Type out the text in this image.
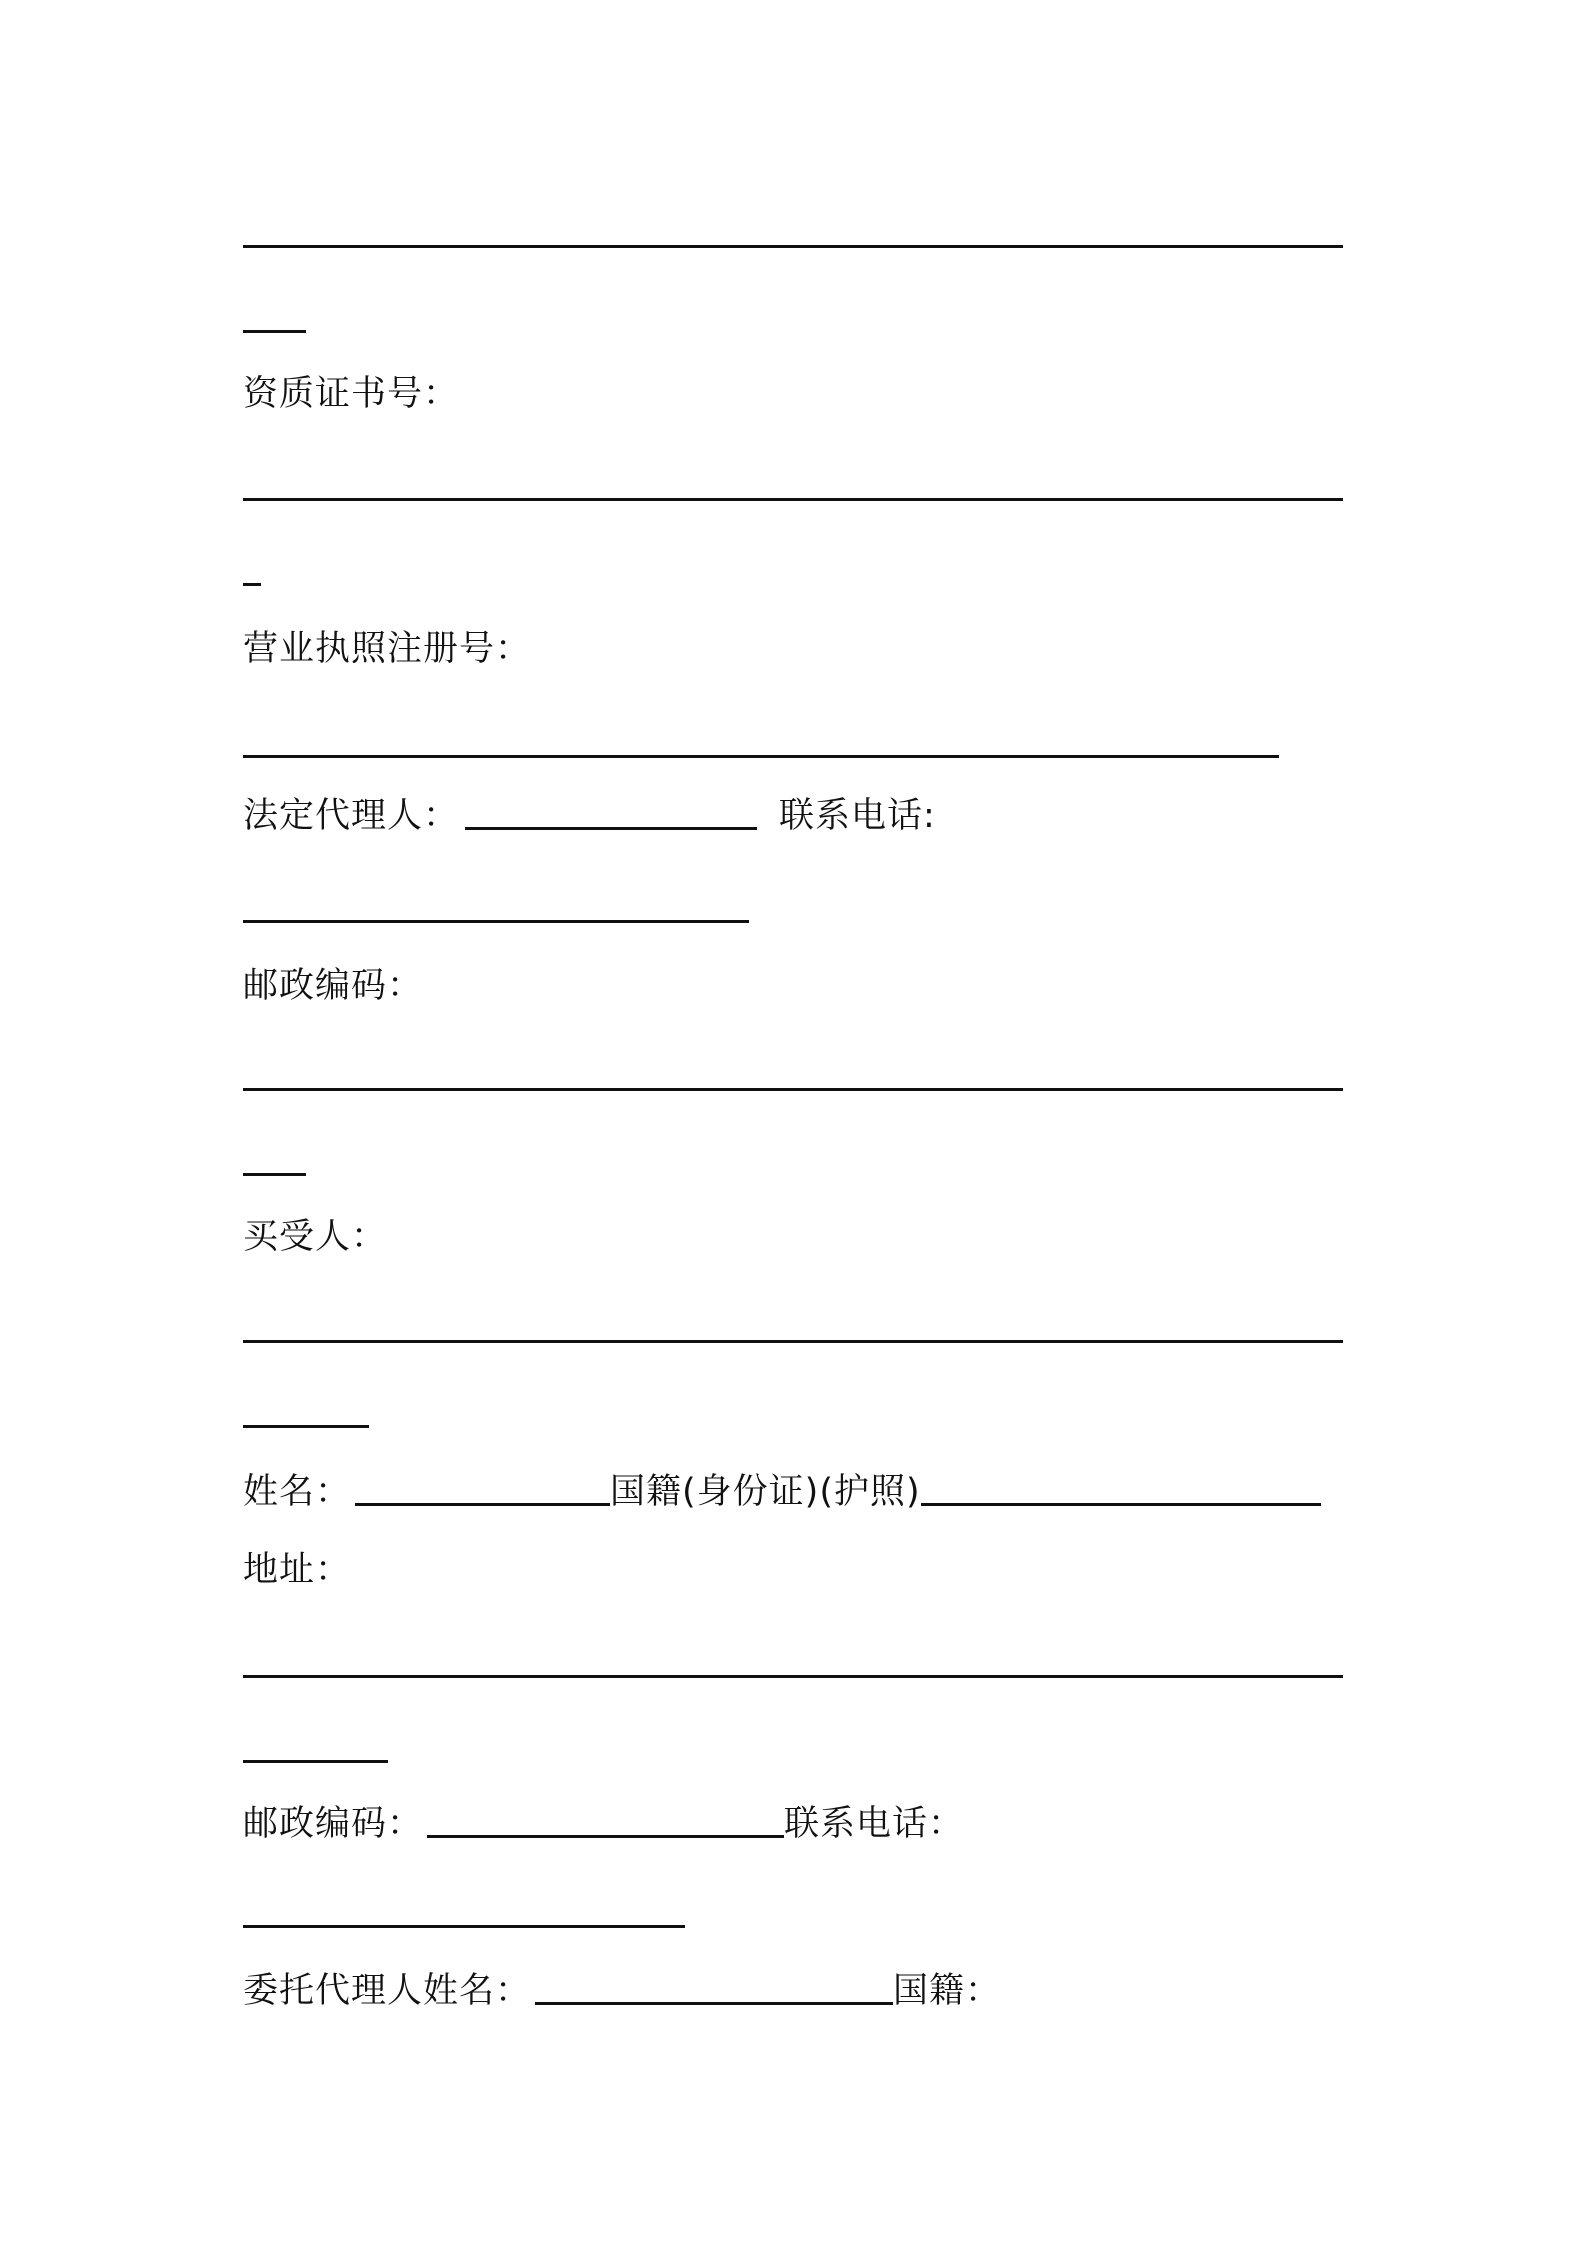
资质证书号：
营业执照注册号：
法定代理人：	联系电话:
邮政编码：
买受人：
姓名：	国籍(身份证)(护照)
地址：
邮政编码：	联系电话：
委托代理人姓名：	国籍：
